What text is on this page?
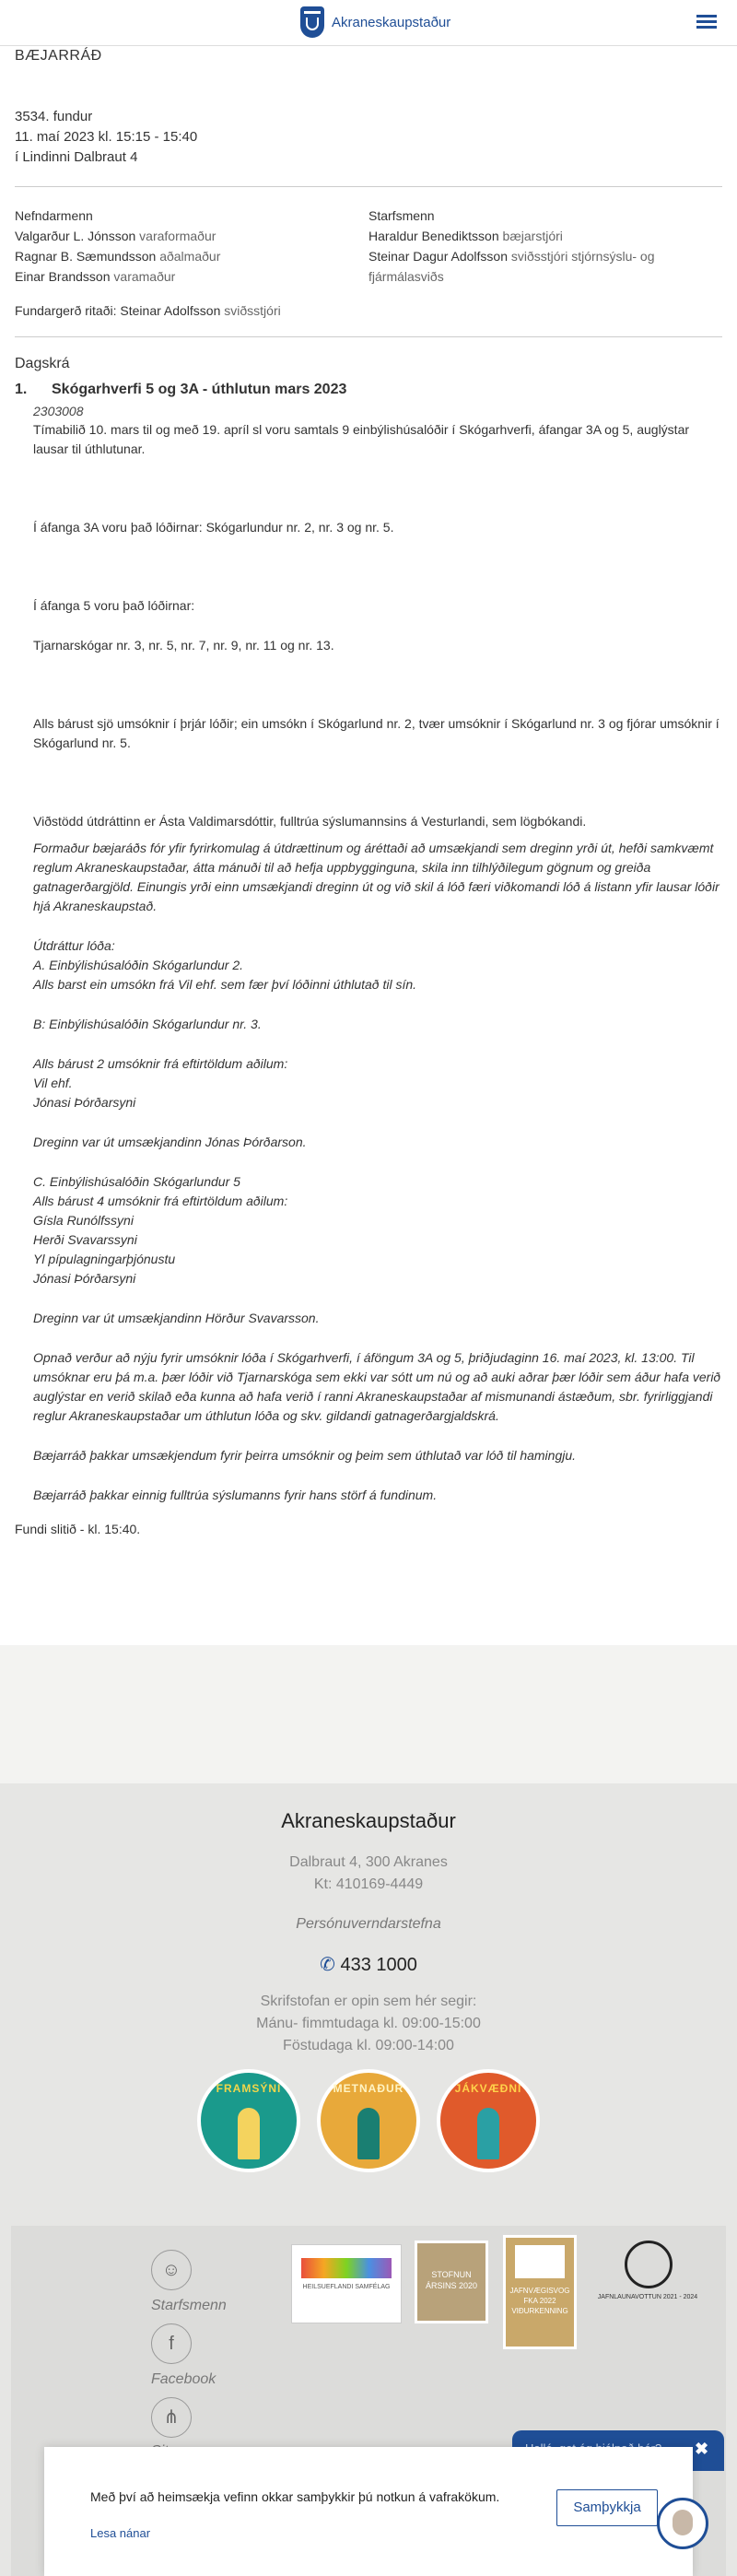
Akraneskaupstaður
BÆJARRÁÐ
3534. fundur
11. maí 2023 kl. 15:15 - 15:40
í Lindinni Dalbraut 4
Nefndarmenn
Valgarður L. Jónsson varaformaður
Ragnar B. Sæmundsson aðalmaður
Einar Brandsson varamaður
Starfsmenn
Haraldur Benediktsson bæjarstjóri
Steinar Dagur Adolfsson sviðsstjóri stjórnsýslu- og fjármálasviðs
Fundargerð ritaði: Steinar Adolfsson sviðsstjóri
Dagskrá
1.	Skógarhverfi 5 og 3A - úthlutun mars 2023
2303008

Tímabilið 10. mars til og með 19. apríl sl voru samtals 9 einbýlishúsalóðir í Skógarhverfi, áfangar 3A og 5, auglýstar lausar til úthlutunar.

Í áfanga 3A voru það lóðirnar: Skógarlundur nr. 2, nr. 3 og nr. 5.

Í áfanga 5 voru það lóðirnar:

Tjarnarskógar nr. 3, nr. 5, nr. 7, nr. 9, nr. 11 og nr. 13.

Alls bárust sjö umsóknir í þrjár lóðir; ein umsókn í Skógarlund nr. 2, tvær umsóknir í Skógarlund nr. 3 og fjórar umsóknir í Skógarlund nr. 5.

Viðstödd útdráttinn er Ásta Valdimarsdóttir, fulltrúa sýslumannsins á Vesturlandi, sem lögbókandi.

Formaður bæjaráðs fór yfir fyrirkomulag á útdrættinum og áréttaði að umsækjandi sem dreginn yrði út, hefði samkvæmt reglum Akraneskaupstaðar, átta mánuði til að hefja uppbygginguna, skila inn tilhlýðilegum gögnum og greiða gatnagerðargjöld. Einungis yrði einn umsækjandi dreginn út og við skil á lóð færi viðkomandi lóð á listann yfir lausar lóðir hjá Akraneskaupstað.

Útdráttur lóða:
A. Einbýlishúsalóðin Skógarlundur 2.
Alls barst ein umsókn frá Vil ehf. sem fær því lóðinni úthlutað til sín.
B: Einbýlishúsalóðin Skógarlundur nr. 3.
Alls bárust 2 umsóknir frá eftirtöldum aðilum:
Vil ehf.
Jónasi Þórðarsyni
Dreginn var út umsækjandinn Jónas Þórðarson.
C. Einbýlishúsalóðin Skógarlundur 5
Alls bárust 4 umsóknir frá eftirtöldum aðilum:
Gísla Runólfssyni
Herði Svavarssyni
Yl pípulagningarþjónustu
Jónasi Þórðarsyni
Dreginn var út umsækjandinn Hörður Svavarsson.

Opnað verður að nýju fyrir umsóknir lóða í Skógarhverfi, í áföngum 3A og 5, þriðjudaginn 16. maí 2023, kl. 13:00. Til umsóknar eru þá m.a. þær lóðir við Tjarnarskóga sem ekki var sótt um nú og að auki aðrar þær lóðir sem áður hafa verið auglýstar en verið skilað eða kunna að hafa verið í ranni Akraneskaupstaðar af mismunandi ástæðum, sbr. fyrirliggjandi reglur Akraneskaupstaðar um úthlutun lóða og skv. gildandi gatnagerðargjaldskrá.

Bæjarráð þakkar umsækjendum fyrir þeirra umsóknir og þeim sem úthlutað var lóð til hamingju.

Bæjarráð þakkar einnig fulltrúa sýslumanns fyrir hans störf á fundinum.

Fundi slitið - kl. 15:40.
Akraneskaupstaður
Dalbraut 4, 300 Akranes
Kt: 410169-4449
Persónuverndarstefna
✆ 433 1000
Skrifstofan er opin sem hér segir:
Mánu- fimmtudaga kl. 09:00-15:00
Föstudaga kl. 09:00-14:00
FRAMSÝNI	METNAÐUR	JÁKVÆÐNI
☺
Starfsmenn
f
Facebook
⋔
HEILSUEFLANDI SAMFÉLAG
STOFNUN ÁRSINS 2020
JAFNVÆGISVOG FKA 2022 VIÐURKENNING
JAFNLAUNAVOTTUN 2021 - 2024
✖
Með því að heimsækja vefinn okkar samþykkir þú notkun á vafrakökum.
Lesa nánar
Samþykkja
